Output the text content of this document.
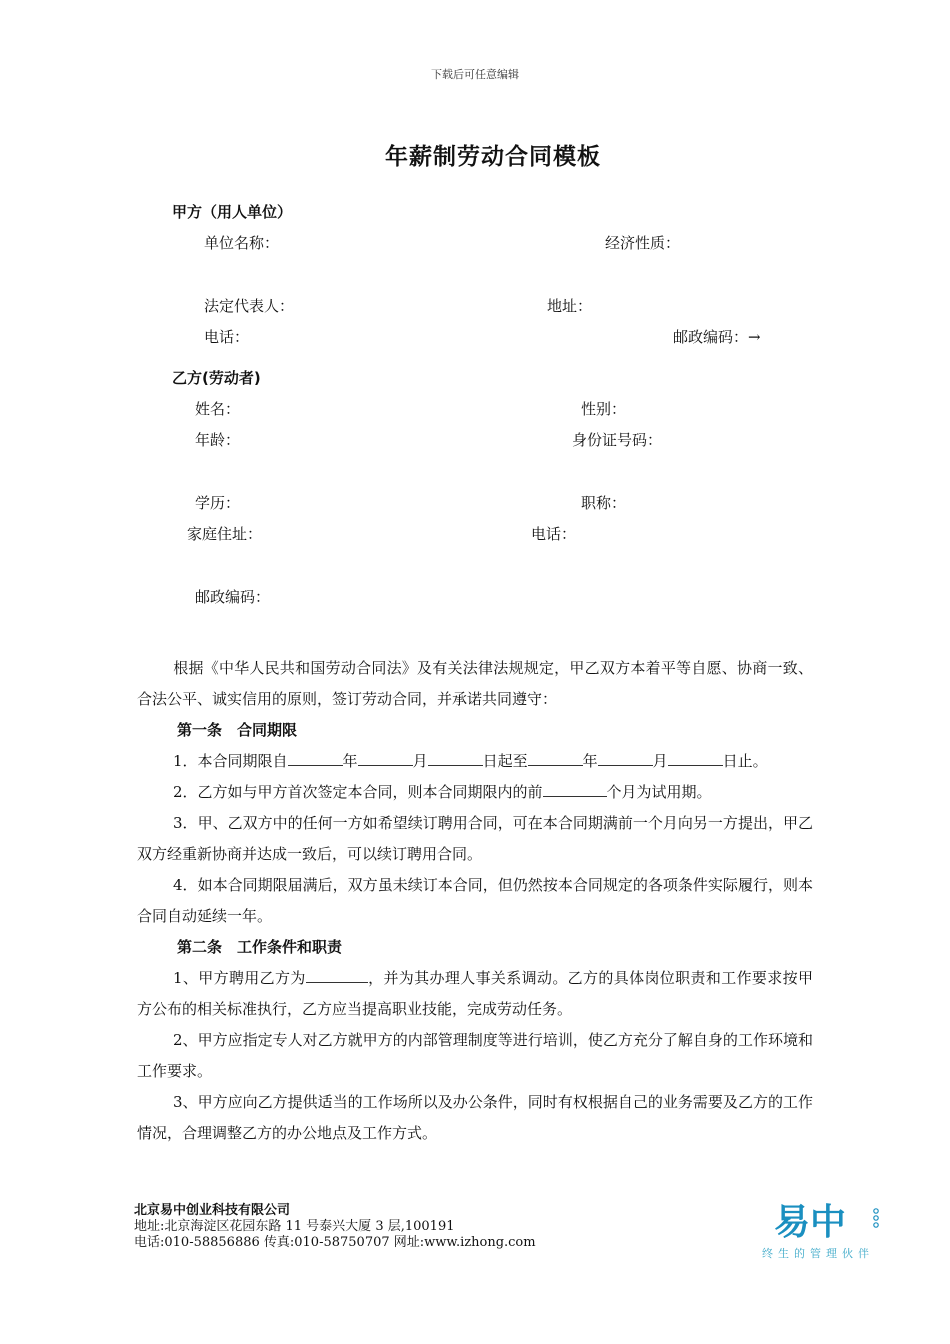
下载后可任意编辑
年薪制劳动合同模板
甲方（用人单位）
单位名称：	经济性质：
法定代表人：	地址：
电话：	邮政编码：→
乙方(劳动者)
姓名：	性别：
年龄：	身份证号码：
学历：	职称：
家庭住址：	电话：
邮政编码：
根据《中华人民共和国劳动合同法》及有关法律法规规定，甲乙双方本着平等自愿、协商一致、合法公平、诚实信用的原则，签订劳动合同，并承诺共同遵守：
第一条　合同期限
1．本合同期限自	年	月	日起至	年	月	日止。
2．乙方如与甲方首次签定本合同，则本合同期限内的前	个月为试用期。
3．甲、乙双方中的任何一方如希望续订聘用合同，可在本合同期满前一个月向另一方提出，甲乙双方经重新协商并达成一致后，可以续订聘用合同。
4．如本合同期限届满后，双方虽未续订本合同，但仍然按本合同规定的各项条件实际履行，则本合同自动延续一年。
第二条　工作条件和职责
1、甲方聘用乙方为	，并为其办理人事关系调动。乙方的具体岗位职责和工作要求按甲方公布的相关标准执行，乙方应当提高职业技能，完成劳动任务。
2、甲方应指定专人对乙方就甲方的内部管理制度等进行培训，使乙方充分了解自身的工作环境和工作要求。
3、甲方应向乙方提供适当的工作场所以及办公条件，同时有权根据自己的业务需要及乙方的工作情况，合理调整乙方的办公地点及工作方式。
北京易中创业科技有限公司
地址:北京海淀区花园东路 11 号泰兴大厦 3 层,100191
电话:010-58856886 传真:010-58750707 网址:www.izhong.com	易中
终生的管理伙伴
